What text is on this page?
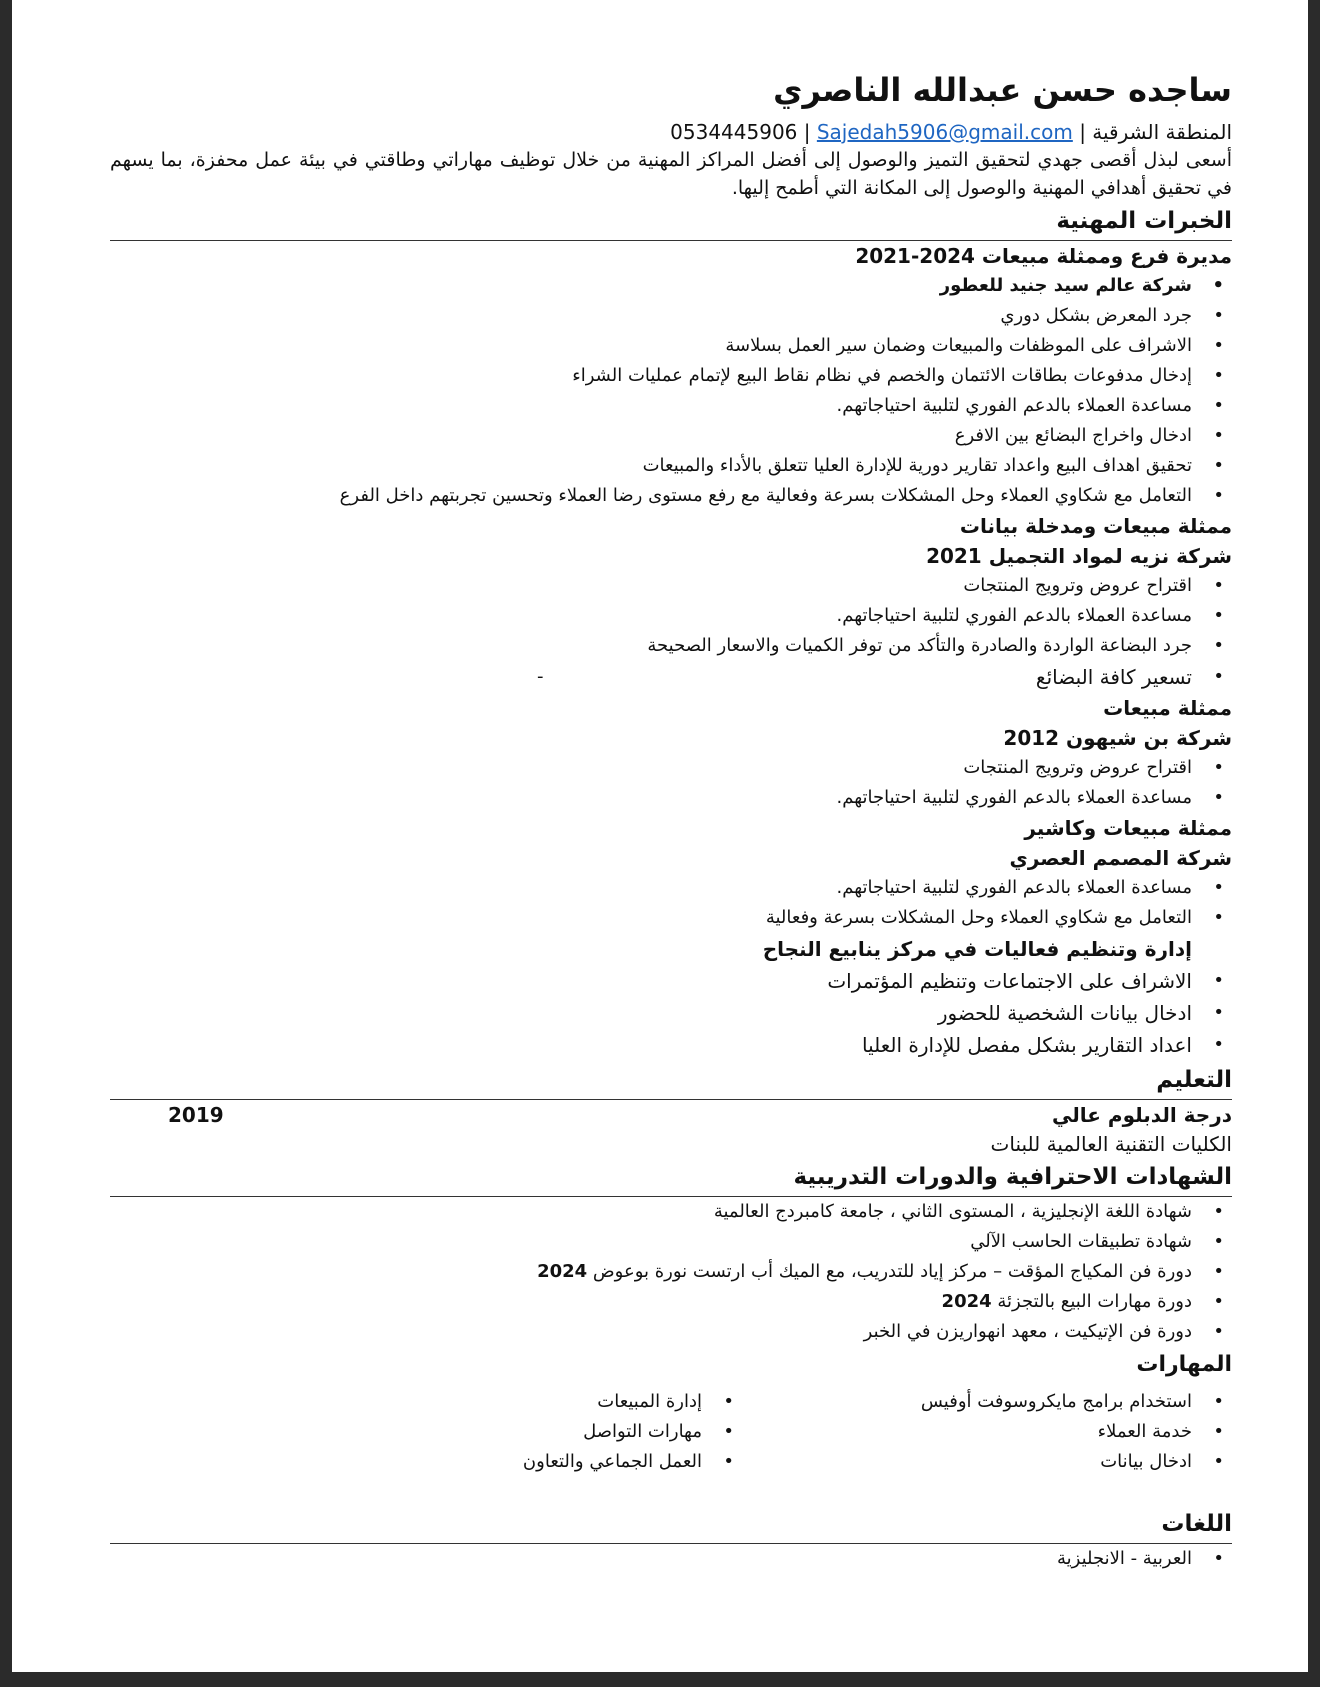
ساجده حسن عبدالله الناصري
المنطقة الشرقية | Sajedah5906@gmail.com | 0534445906

أسعى لبذل أقصى جهدي لتحقيق التميز والوصول إلى أفضل المراكز المهنية من خلال توظيف مهاراتي وطاقتي في بيئة عمل محفزة، بما يسهم في تحقيق أهدافي المهنية والوصول إلى المكانة التي أطمح إليها.

الخبرات المهنية
مديرة فرع وممثلة مبيعات 2024-2021
• شركة عالم سيد جنيد للعطور
• جرد المعرض بشكل دوري
• الاشراف على الموظفات والمبيعات وضمان سير العمل بسلاسة
• إدخال مدفوعات بطاقات الائتمان والخصم في نظام نقاط البيع لإتمام عمليات الشراء
• مساعدة العملاء بالدعم الفوري لتلبية احتياجاتهم.
• ادخال واخراج البضائع بين الافرع
• تحقيق اهداف البيع واعداد تقارير دورية للإدارة العليا تتعلق بالأداء والمبيعات
• التعامل مع شكاوي العملاء وحل المشكلات بسرعة وفعالية مع رفع مستوى رضا العملاء وتحسين تجربتهم داخل الفرع
ممثلة مبيعات ومدخلة بيانات
شركة نزيه لمواد التجميل 2021
• اقتراح عروض وترويج المنتجات
• مساعدة العملاء بالدعم الفوري لتلبية احتياجاتهم.
• جرد البضاعة الواردة والصادرة والتأكد من توفر الكميات والاسعار الصحيحة
• تسعير كافة البضائع
-
ممثلة مبيعات
شركة بن شيهون 2012
• اقتراح عروض وترويج المنتجات
• مساعدة العملاء بالدعم الفوري لتلبية احتياجاتهم.
ممثلة مبيعات وكاشير
شركة المصمم العصري
• مساعدة العملاء بالدعم الفوري لتلبية احتياجاتهم.
• التعامل مع شكاوي العملاء وحل المشكلات بسرعة وفعالية
إدارة وتنظيم فعاليات في مركز ينابيع النجاح
• الاشراف على الاجتماعات وتنظيم المؤتمرات
• ادخال بيانات الشخصية للحضور
• اعداد التقارير بشكل مفصل للإدارة العليا
التعليم
درجة الدبلوم عالي
2019
الكليات التقنية العالمية للبنات
الشهادات الاحترافية والدورات التدريبية
• شهادة اللغة الإنجليزية ، المستوى الثاني ، جامعة كامبردج العالمية
• شهادة تطبيقات الحاسب الآلي
• دورة فن المكياج المؤقت – مركز إياد للتدريب، مع الميك أب ارتست نورة بوعوض 2024
• دورة مهارات البيع بالتجزئة 2024
• دورة فن الإتيكيت ، معهد انهواريزن في الخبر
المهارات
• استخدام برامج مايكروسوفت أوفيس
• خدمة العملاء
• ادخال بيانات
• إدارة المبيعات
• مهارات التواصل
• العمل الجماعي والتعاون
اللغات
• العربية - الانجليزية
